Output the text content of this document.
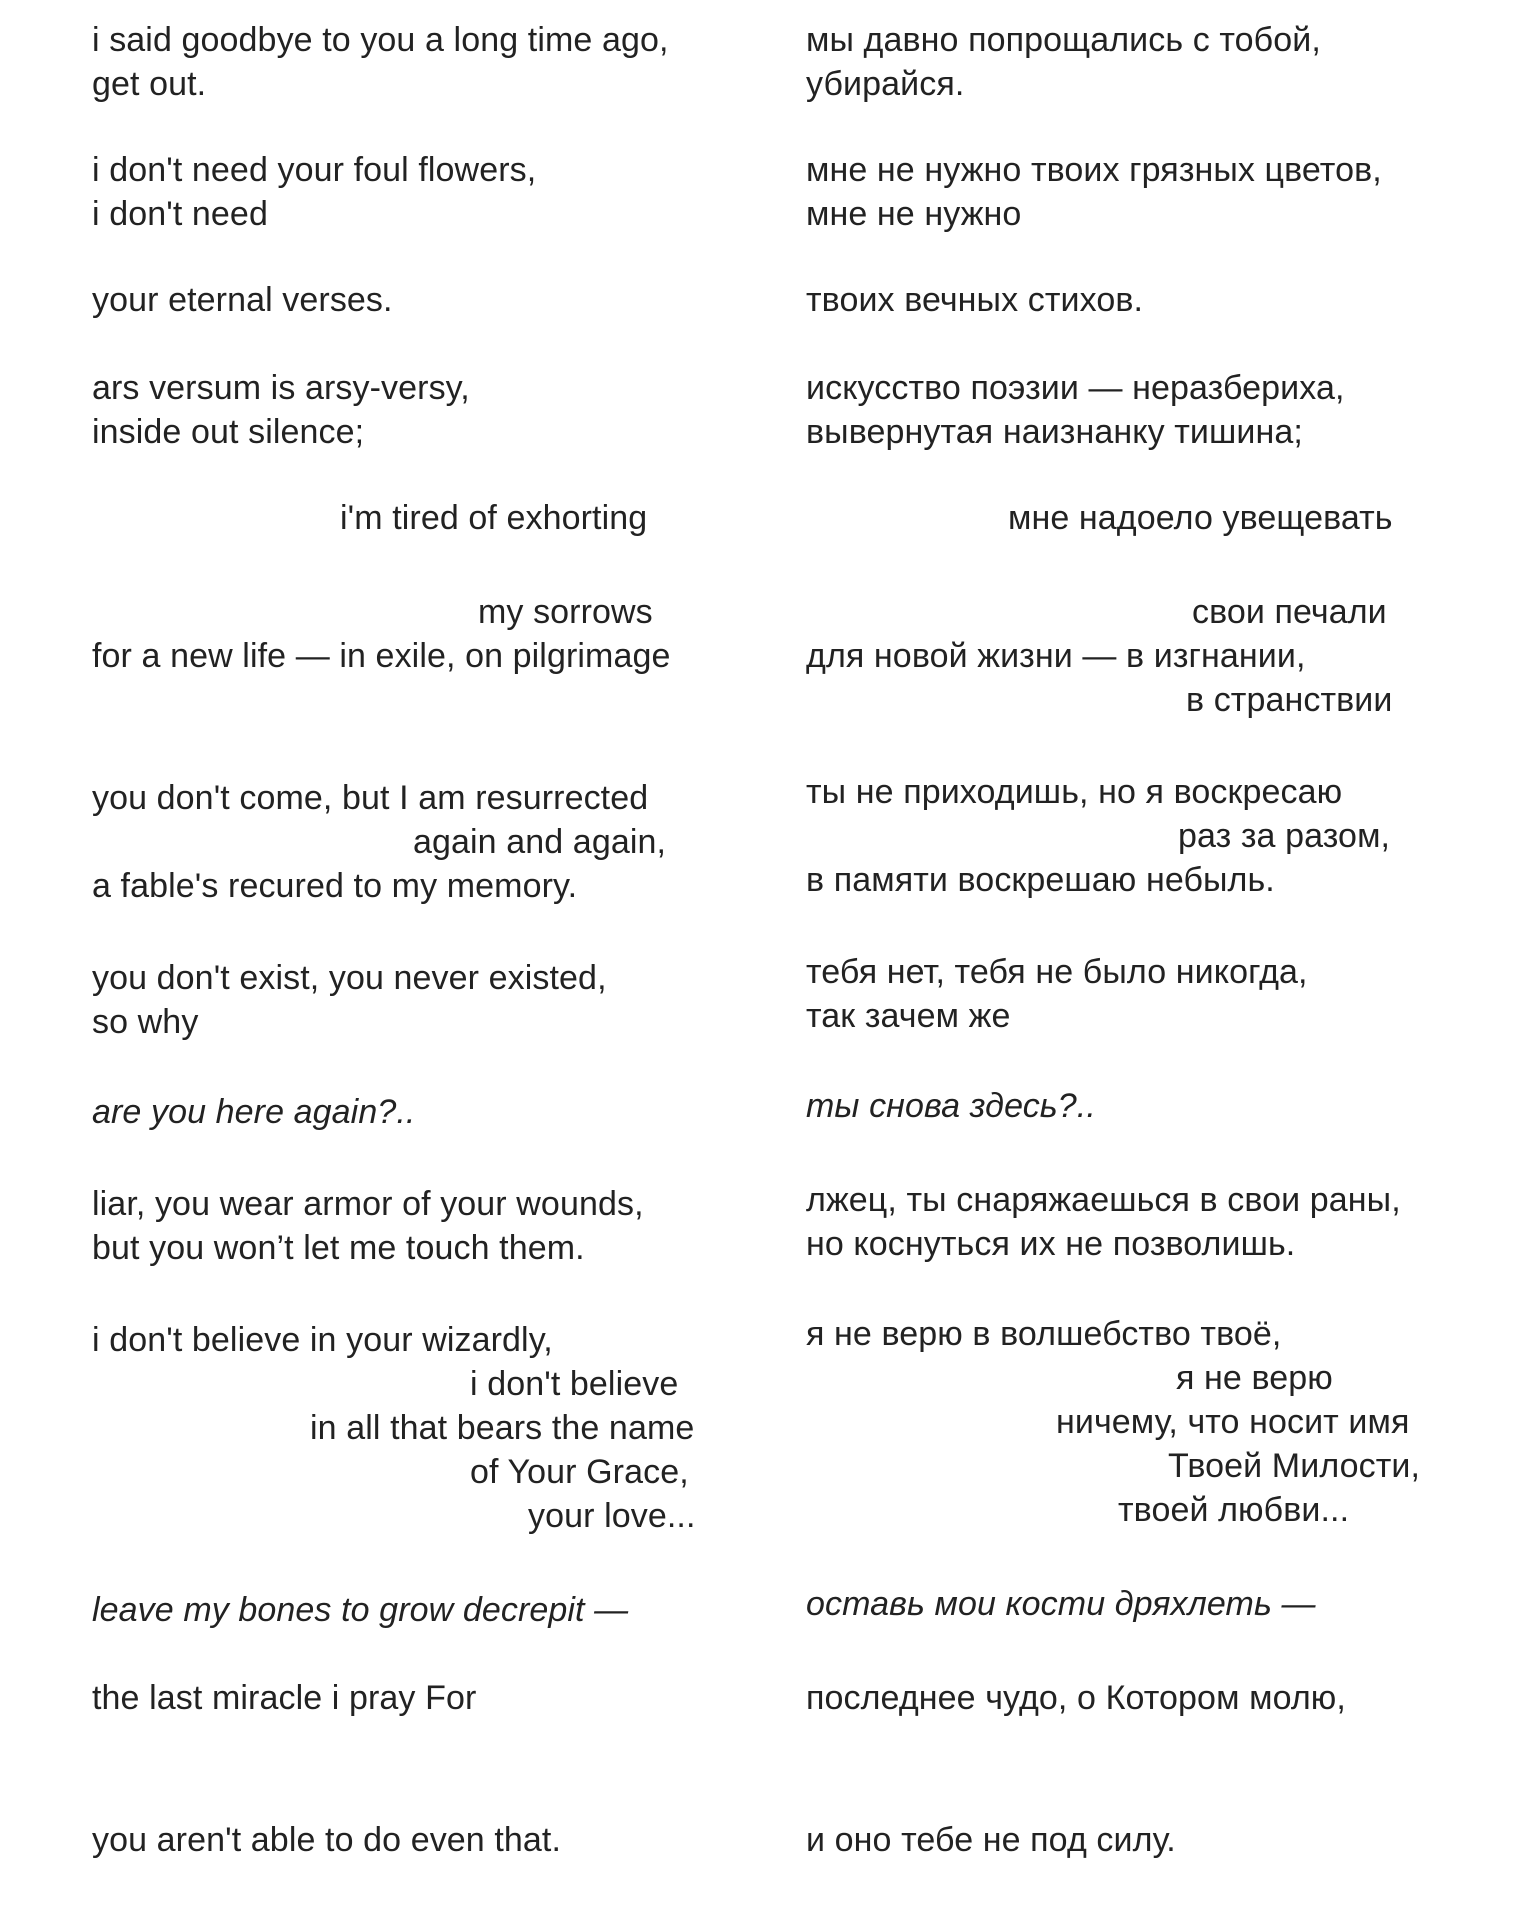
i said goodbye to you a long time ago,
get out.
i don't need your foul flowers,
i don't need
your eternal verses.
ars versum is arsy-versy,
inside out silence;
i'm tired of exhorting
my sorrows
for a new life — in exile, on pilgrimage
you don't come, but I am resurrected
again and again,
a fable's recured to my memory.
you don't exist, you never existed,
so why
are you here again?..
liar, you wear armor of your wounds,
but you won’t let me touch them.
i don't believe in your wizardly,
i don't believe
in all that bears the name
of Your Grace,
your love...
leave my bones to grow decrepit —
the last miracle i pray For
you aren't able to do even that.
мы давно попрощались с тобой,
убирайся.
мне не нужно твоих грязных цветов,
мне не нужно
твоих вечных стихов.
искусство поэзии — неразбериха,
вывернутая наизнанку тишина;
мне надоело увещевать
свои печали
для новой жизни — в изгнании,
в странствии
ты не приходишь, но я воскресаю
раз за разом,
в памяти воскрешаю небыль.
тебя нет, тебя не было никогда,
так зачем же
ты снова здесь?..
лжец, ты снаряжаешься в свои раны,
но коснуться их не позволишь.
я не верю в волшебство твоё,
я не верю
ничему, что носит имя
Твоей Милости,
твоей любви...
оставь мои кости дряхлеть —
последнее чудо, о Котором молю,
и оно тебе не под силу.
